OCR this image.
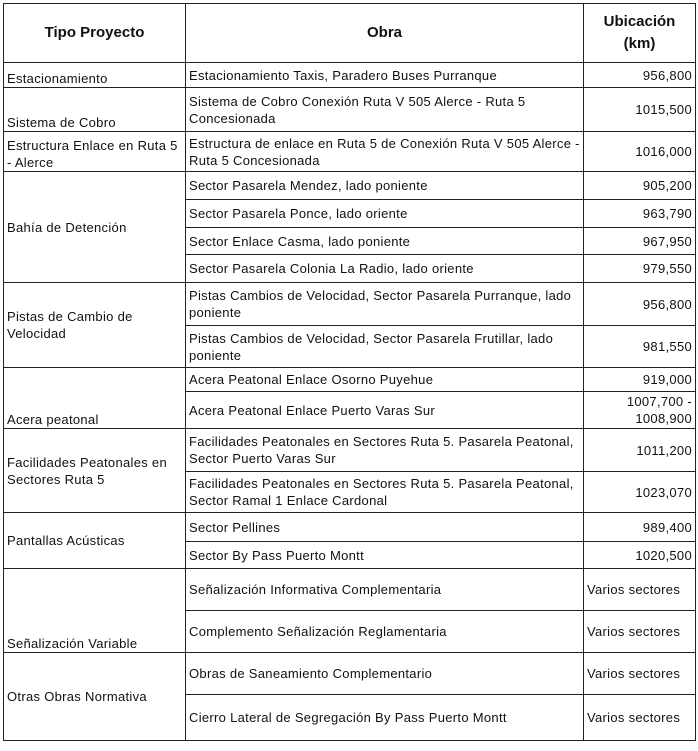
Tipo Proyecto	Obra	Ubicación (km)
Estacionamiento	Estacionamiento Taxis, Paradero Buses Purranque	956,800
Sistema de Cobro	Sistema de Cobro Conexión Ruta V 505 Alerce - Ruta 5 Concesionada	1015,500
Estructura Enlace en Ruta 5 - Alerce	Estructura de enlace en Ruta 5 de Conexión Ruta V 505 Alerce - Ruta 5 Concesionada	1016,000
Bahía de Detención	Sector Pasarela Mendez, lado poniente	905,200
	Sector Pasarela Ponce, lado oriente	963,790
	Sector Enlace Casma, lado poniente	967,950
	Sector Pasarela Colonia La Radio, lado oriente	979,550
Pistas de Cambio de Velocidad	Pistas Cambios de Velocidad, Sector Pasarela Purranque, lado poniente	956,800
	Pistas Cambios de Velocidad, Sector Pasarela Frutillar, lado poniente	981,550
Acera peatonal	Acera Peatonal Enlace Osorno Puyehue	919,000
	Acera Peatonal Enlace Puerto Varas Sur	1007,700 - 1008,900
Facilidades Peatonales en Sectores Ruta 5	Facilidades Peatonales en Sectores Ruta 5. Pasarela Peatonal, Sector Puerto Varas Sur	1011,200
	Facilidades Peatonales en Sectores Ruta 5. Pasarela Peatonal, Sector Ramal 1 Enlace Cardonal	1023,070
Pantallas Acústicas	Sector Pellines	989,400
	Sector By Pass Puerto Montt	1020,500
Señalización Variable	Señalización Informativa Complementaria	Varios sectores
	Complemento Señalización Reglamentaria	Varios sectores
Otras Obras Normativa	Obras de Saneamiento Complementario	Varios sectores
	Cierro Lateral de Segregación By Pass Puerto Montt	Varios sectores
